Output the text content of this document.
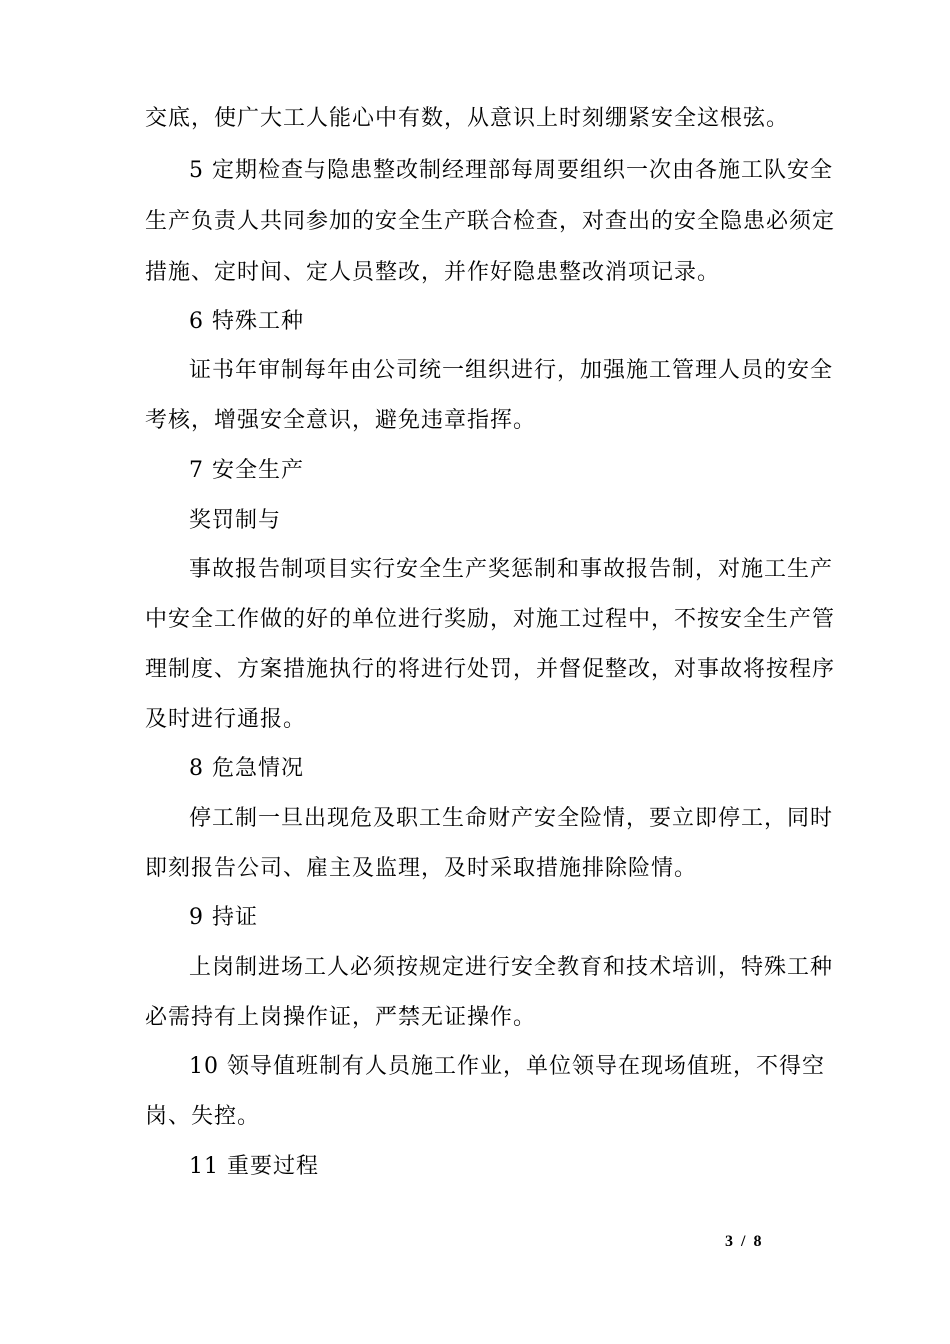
交底，使广大工人能心中有数，从意识上时刻绷紧安全这根弦。
5 定期检查与隐患整改制经理部每周要组织一次由各施工队安全
生产负责人共同参加的安全生产联合检查，对查出的安全隐患必须定
措施、定时间、定人员整改，并作好隐患整改消项记录。
6 特殊工种
证书年审制每年由公司统一组织进行，加强施工管理人员的安全
考核，增强安全意识，避免违章指挥。
7 安全生产
奖罚制与
事故报告制项目实行安全生产奖惩制和事故报告制，对施工生产
中安全工作做的好的单位进行奖励，对施工过程中，不按安全生产管
理制度、方案措施执行的将进行处罚，并督促整改，对事故将按程序
及时进行通报。
8 危急情况
停工制一旦出现危及职工生命财产安全险情，要立即停工，同时
即刻报告公司、雇主及监理，及时采取措施排除险情。
9 持证
上岗制进场工人必须按规定进行安全教育和技术培训，特殊工种
必需持有上岗操作证，严禁无证操作。
10 领导值班制有人员施工作业，单位领导在现场值班，不得空
岗、失控。
11 重要过程
3 / 8
